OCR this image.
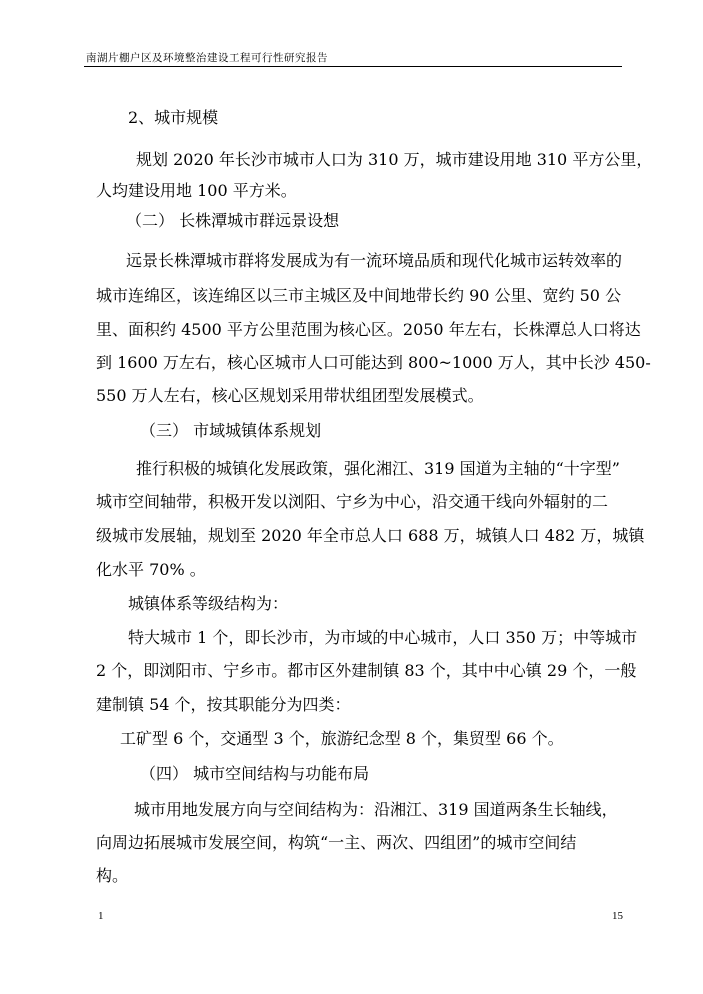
南湖片棚户区及环境整治建设工程可行性研究报告
2、城市规模
规划 2020 年长沙市城市人口为 310 万，城市建设用地 310 平方公里，
人均建设用地 100 平方米。
（二） 长株潭城市群远景设想
远景长株潭城市群将发展成为有一流环境品质和现代化城市运转效率的
城市连绵区，该连绵区以三市主城区及中间地带长约 90 公里、宽约 50 公
里、面积约 4500 平方公里范围为核心区。2050 年左右，长株潭总人口将达
到 1600 万左右，核心区城市人口可能达到 800~1000 万人，其中长沙 450-
550 万人左右，核心区规划采用带状组团型发展模式。
（三） 市域城镇体系规划
推行积极的城镇化发展政策，强化湘江、319 国道为主轴的“十字型”
城市空间轴带，积极开发以浏阳、宁乡为中心，沿交通干线向外辐射的二
级城市发展轴，规划至 2020 年全市总人口 688 万，城镇人口 482 万，城镇
化水平 70% 。
城镇体系等级结构为：
特大城市 1 个，即长沙市，为市域的中心城市，人口 350 万；中等城市
2 个，即浏阳市、宁乡市。都市区外建制镇 83 个，其中中心镇 29 个，一般
建制镇 54 个，按其职能分为四类：
工矿型 6 个，交通型 3 个，旅游纪念型 8 个，集贸型 66 个。
（四） 城市空间结构与功能布局
城市用地发展方向与空间结构为：沿湘江、319 国道两条生长轴线，
向周边拓展城市发展空间，构筑“一主、两次、四组团”的城市空间结
构。
1	15
